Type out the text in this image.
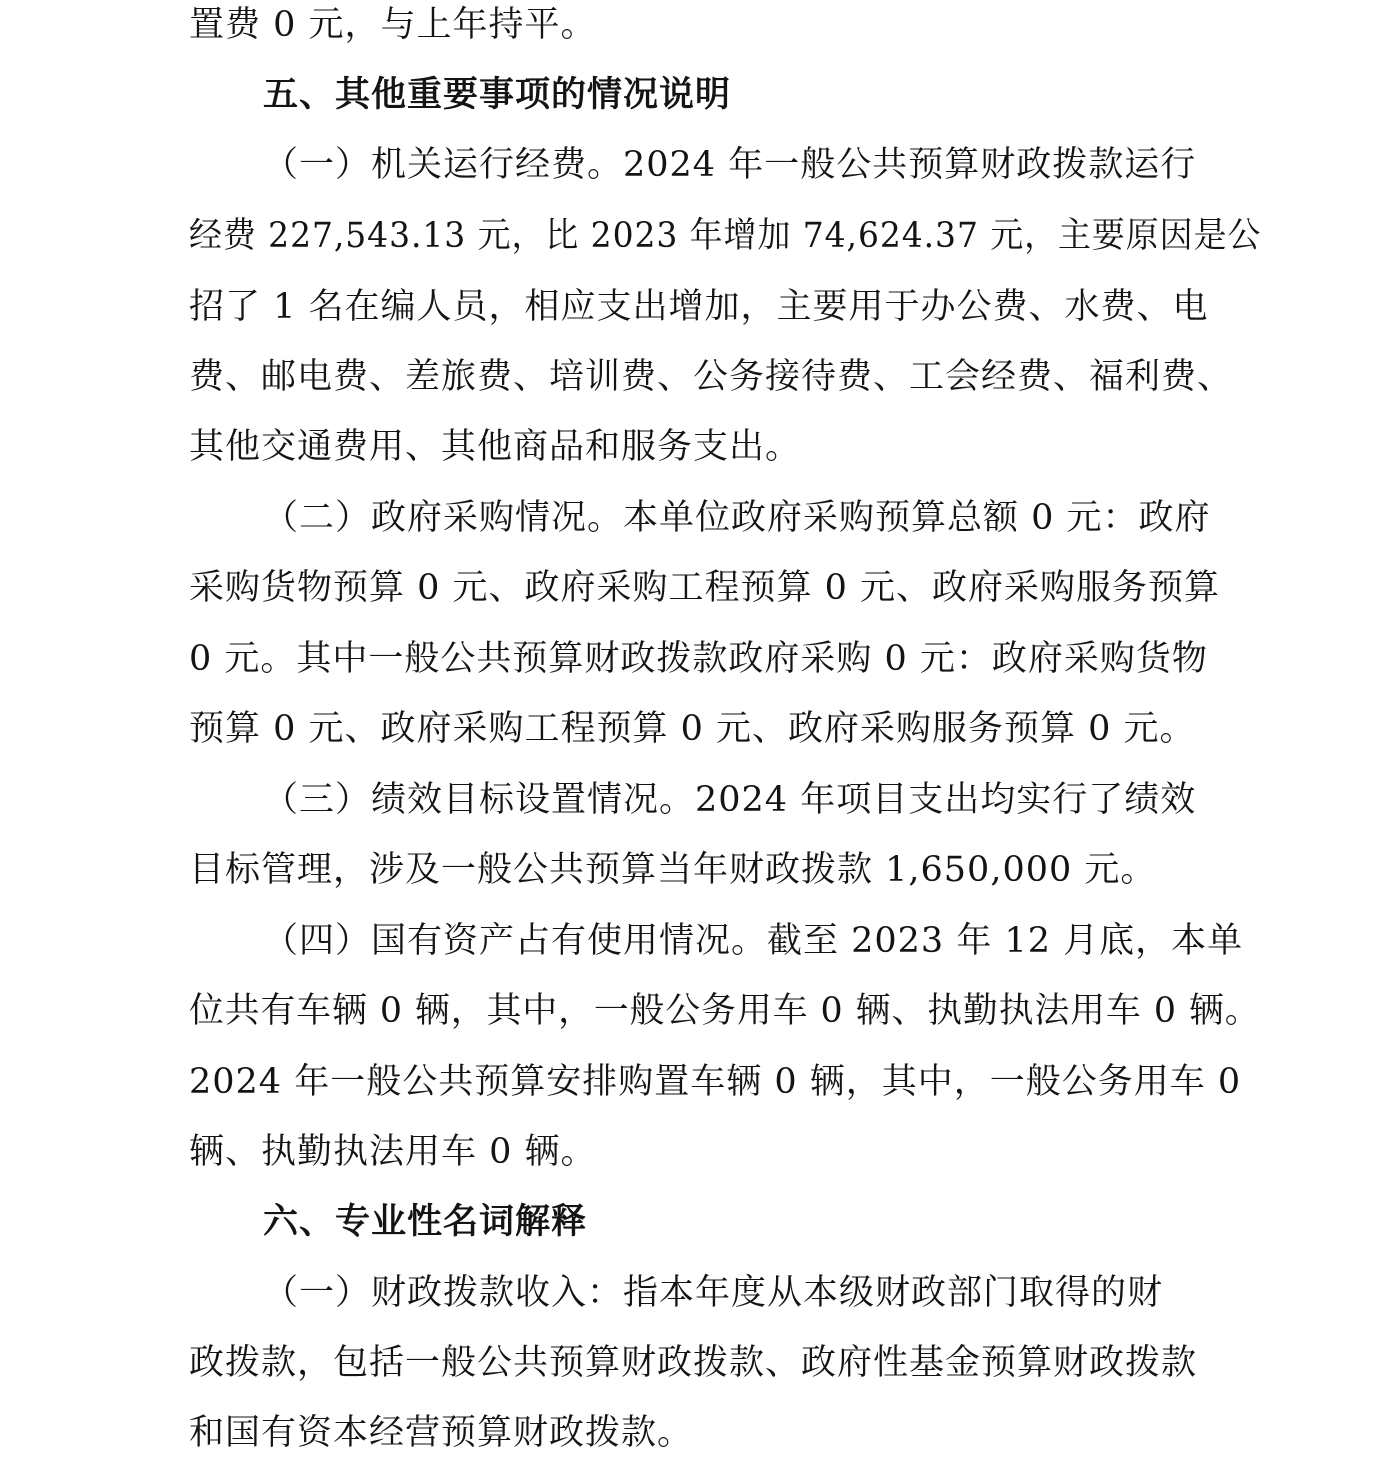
置费 0 元，与上年持平。
五、其他重要事项的情况说明
（一）机关运行经费。2024 年一般公共预算财政拨款运行
经费 227,543.13 元，比 2023 年增加 74,624.37 元，主要原因是公
招了 1 名在编人员，相应支出增加，主要用于办公费、水费、电
费、邮电费、差旅费、培训费、公务接待费、工会经费、福利费、
其他交通费用、其他商品和服务支出。
（二）政府采购情况。本单位政府采购预算总额 0 元：政府
采购货物预算 0 元、政府采购工程预算 0 元、政府采购服务预算
0 元。其中一般公共预算财政拨款政府采购 0 元：政府采购货物
预算 0 元、政府采购工程预算 0 元、政府采购服务预算 0 元。
（三）绩效目标设置情况。2024 年项目支出均实行了绩效
目标管理，涉及一般公共预算当年财政拨款 1,650,000 元。
（四）国有资产占有使用情况。截至 2023 年 12 月底，本单
位共有车辆 0 辆，其中，一般公务用车 0 辆、执勤执法用车 0 辆。
2024 年一般公共预算安排购置车辆 0 辆，其中，一般公务用车 0
辆、执勤执法用车 0 辆。
六、专业性名词解释
（一）财政拨款收入：指本年度从本级财政部门取得的财
政拨款，包括一般公共预算财政拨款、政府性基金预算财政拨款
和国有资本经营预算财政拨款。
